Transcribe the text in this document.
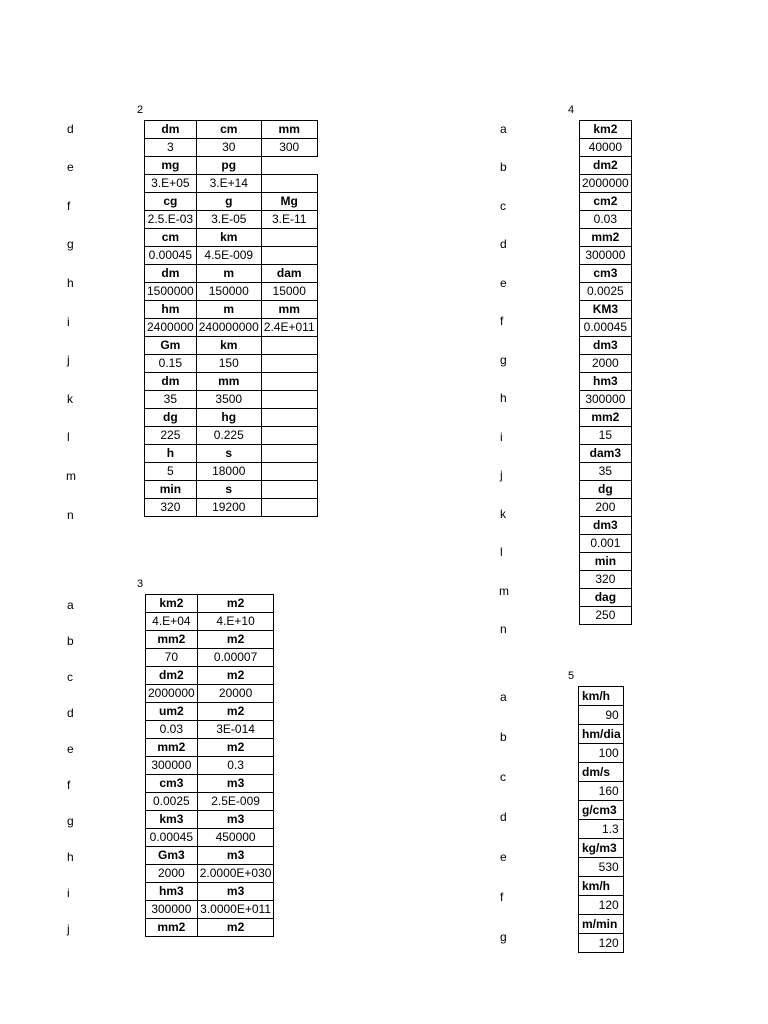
2
d
e
f
g
h
i
j
k
l
m
n
dm	cm	mm
3	30	300
mg	pg	
3.E+05	3.E+14	
cg	g	Mg
2.5.E-03	3.E-05	3.E-11
cm	km	
0.00045	4.5E-009	
dm	m	dam
1500000	150000	15000
hm	m	mm
2400000	240000000	2.4E+011
Gm	km	
0.15	150	
dm	mm	
35	3500	
dg	hg	
225	0.225	
h	s	
5	18000	
min	s	
320	19200	
3
a
b
c
d
e
f
g
h
i
j
km2	m2
4.E+04	4.E+10
mm2	m2
70	0.00007
dm2	m2
2000000	20000
um2	m2
0.03	3E-014
mm2	m2
300000	0.3
cm3	m3
0.0025	2.5E-009
km3	m3
0.00045	450000
Gm3	m3
2000	2.0000E+030
hm3	m3
300000	3.0000E+011
mm2	m2
4
a
b
c
d
e
f
g
h
i
j
k
l
m
n
km2
40000
dm2
2000000
cm2
0.03
mm2
300000
cm3
0.0025
KM3
0.00045
dm3
2000
hm3
300000
mm2
15
dam3
35
dg
200
dm3
0.001
min
320
dag
250
5
a
b
c
d
e
f
g
km/h
90
hm/dia
100
dm/s
160
g/cm3
1.3
kg/m3
530
km/h
120
m/min
120
